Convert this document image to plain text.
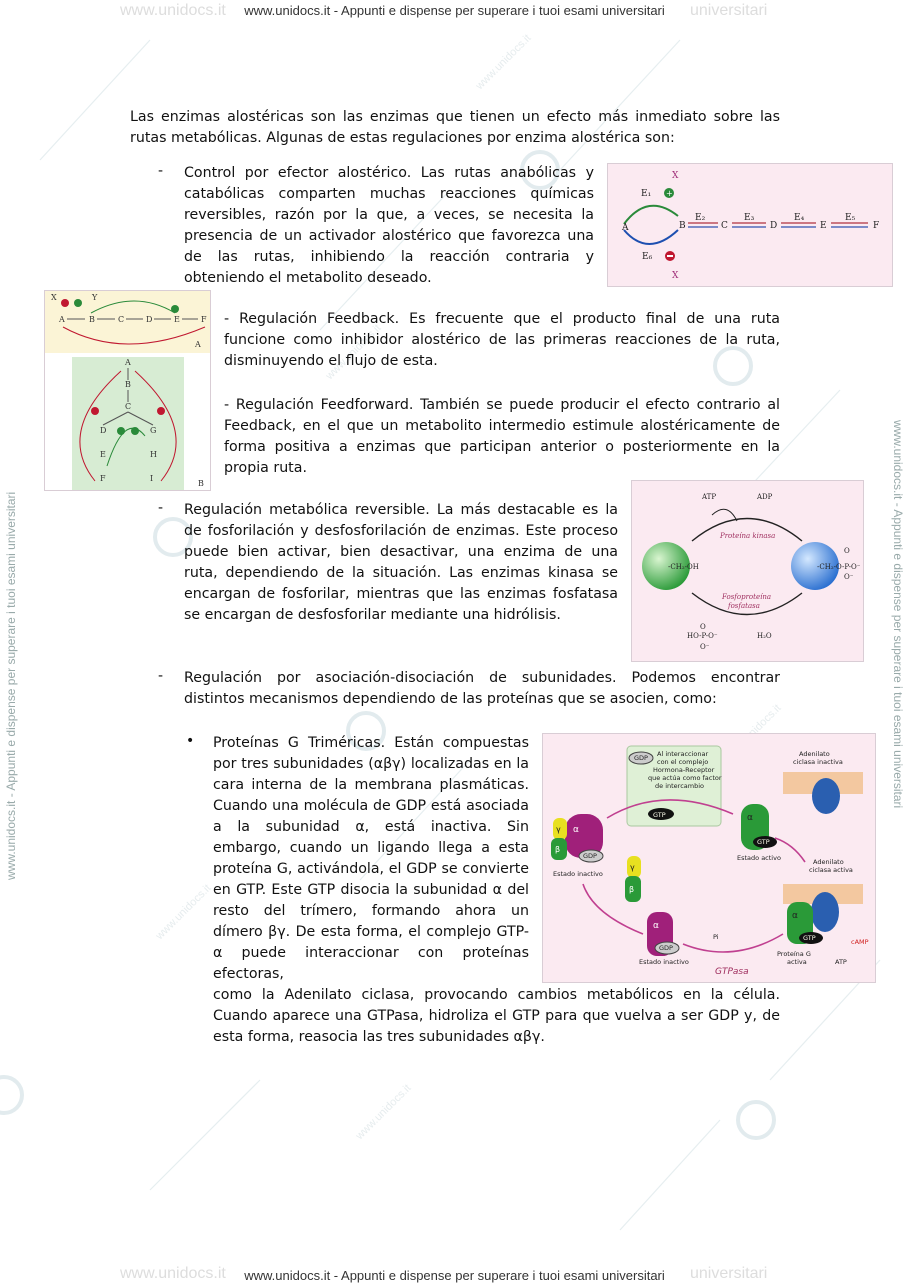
www.unidocs.it	universitari
www.unidocs.it - Appunti e dispense per superare i tuoi esami universitari
www.unidocs.it	universitari
www.unidocs.it - Appunti e dispense per superare i tuoi esami universitari
www.unidocs.it - Appunti e dispense per superare i tuoi esami universitari	www.unidocs.it - Appunti e dispense per superare i tuoi esami universitari
www.unidocs.it
www.unidocs.it
www.unidocs.it
www.unidocs.it
www.unidocs.it
Las enzimas alostéricas son las enzimas que tienen un efecto más inmediato sobre las rutas metabólicas. Algunas de estas regulaciones por enzima alostérica son:
- Control por efector alostérico. Las rutas anabólicas y catabólicas comparten muchas reacciones químicas reversibles, razón por la que, a veces, se necesita la presencia de un activador alostérico que favorezca una de las rutas, inhibiendo la reacción contraria y obteniendo el metabolito deseado.
X
E₁ +
A	B
E₂
C
E₃
D
E₄
E
E₅
F
E₆
X
X	Y
A	B	C	D	E	F
A
A
B
C
D
E
F
G
H
I
B
- Regulación Feedback. Es frecuente que el producto final de una ruta funcione como inhibidor alostérico de las primeras reacciones de la ruta, disminuyendo el flujo de esta.
- Regulación Feedforward. También se puede producir el efecto contrario al Feedback, en el que un metabolito intermedio estimule alostéricamente de forma positiva a enzimas que participan anterior o posteriormente en la propia ruta.
- Regulación metabólica reversible. La más destacable es la de fosforilación y desfosforilación de enzimas. Este proceso puede bien activar, bien desactivar, una enzima de una ruta, dependiendo de la situación. Las enzimas kinasa se encargan de fosforilar, mientras que las enzimas fosfatasa se encargan de desfosforilar mediante una hidrólisis.
ATP	ADP
Proteína kinasa
-CH₂-OH	-CH₂-O-P-O⁻
O
O⁻
Fosfoproteína
fosfatasa
O
HO-P-O⁻
O⁻
H₂O
- Regulación por asociación-disociación de subunidades. Podemos encontrar distintos mecanismos dependiendo de las proteínas que se asocien, como:
• Proteínas G Triméricas. Están compuestas por tres subunidades (αβγ) localizadas en la cara interna de la membrana plasmáticas. Cuando una molécula de GDP está asociada a la subunidad α, está inactiva. Sin embargo, cuando un ligando llega a esta proteína G, activándola, el GDP se convierte en GTP. Este GTP disocia la subunidad α del resto del trímero, formando ahora un dímero βγ. De esta forma, el complejo GTP-α puede interaccionar con proteínas efectoras,
como la Adenilato ciclasa, provocando cambios metabólicos en la célula. Cuando aparece una GTPasa, hidroliza el GTP para que vuelva a ser GDP y, de esta forma, reasocia las tres subunidades αβγ.
GDP Al interaccionar
con el complejo
Hormona-Receptor
que actúa como factor
de intercambio
GTP
α
γ
β
GDP
Estado inactivo
α
GTP
Estado activo
γ
β
Adenilato
ciclasa inactiva
Adenilato
ciclasa activa
α
GTP	cAMP
ATP
Proteína G
activa
α
GDP
Estado inactivo
Pi
GTPasa
